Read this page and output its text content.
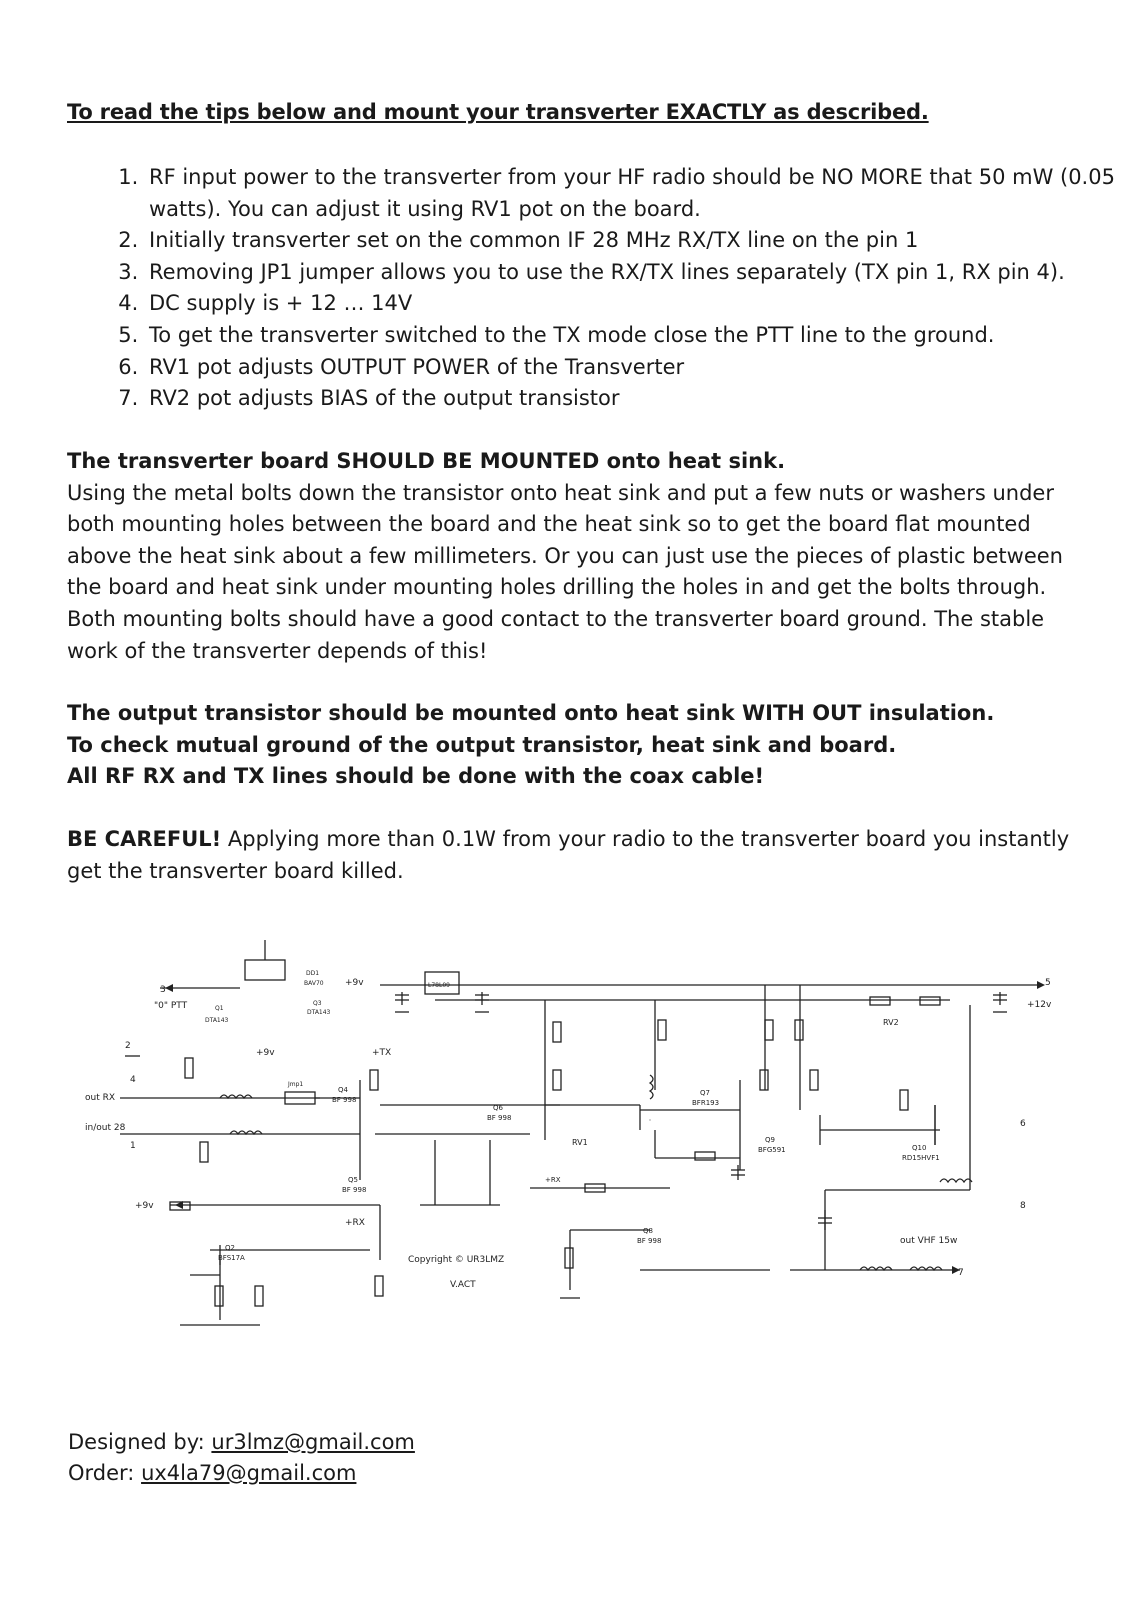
To read the tips below and mount your transverter EXACTLY as described.
1. RF input power to the transverter from your HF radio should be NO MORE that 50 mW (0.05 watts). You can adjust it using RV1 pot on the board.
2. Initially transverter set on the common IF 28 MHz RX/TX line on the pin 1
3. Removing JP1 jumper allows you to use the RX/TX lines separately (TX pin 1, RX pin 4).
4. DC supply is + 12 … 14V
5. To get the transverter switched to the TX mode close the PTT line to the ground.
6. RV1 pot adjusts OUTPUT POWER of the Transverter
7. RV2 pot adjusts BIAS of the output transistor
The transverter board SHOULD BE MOUNTED onto heat sink.
Using the metal bolts down the transistor onto heat sink and put a few nuts or washers under both mounting holes between the board and the heat sink so to get the board flat mounted above the heat sink about a few millimeters. Or you can just use the pieces of plastic between the board and heat sink under mounting holes drilling the holes in and get the bolts through. Both mounting bolts should have a good contact to the transverter board ground. The stable work of the transverter depends of this!
The output transistor should be mounted onto heat sink WITH OUT insulation.
To check mutual ground of the output transistor, heat sink and board.
All RF RX and TX lines should be done with the coax cable!

BE CAREFUL! Applying more than 0.1W from your radio to the transverter board you instantly get the transverter board killed.

3
"0" PTT
2
4
out RX
in/out 28
1
+9v
+9v
+9v
+12v
5
6
8
7
+TX
+RX
+RX
L78L09
Q7
BFR193
Q9
BFG591	Q10
RD15HVF1
Q2
BFS17A
Q4
BF 998
Q5
BF 998
Q6
BF 998
Q8
BF 998
RV1
RV2
DD1
BAV70
Q1
DTA143
Q3
DTA143
Jmp1
out VHF 15w
Copyright © UR3LMZ
V.ACT

Designed by: ur3lmz@gmail.com

Order: ux4la79@gmail.com
